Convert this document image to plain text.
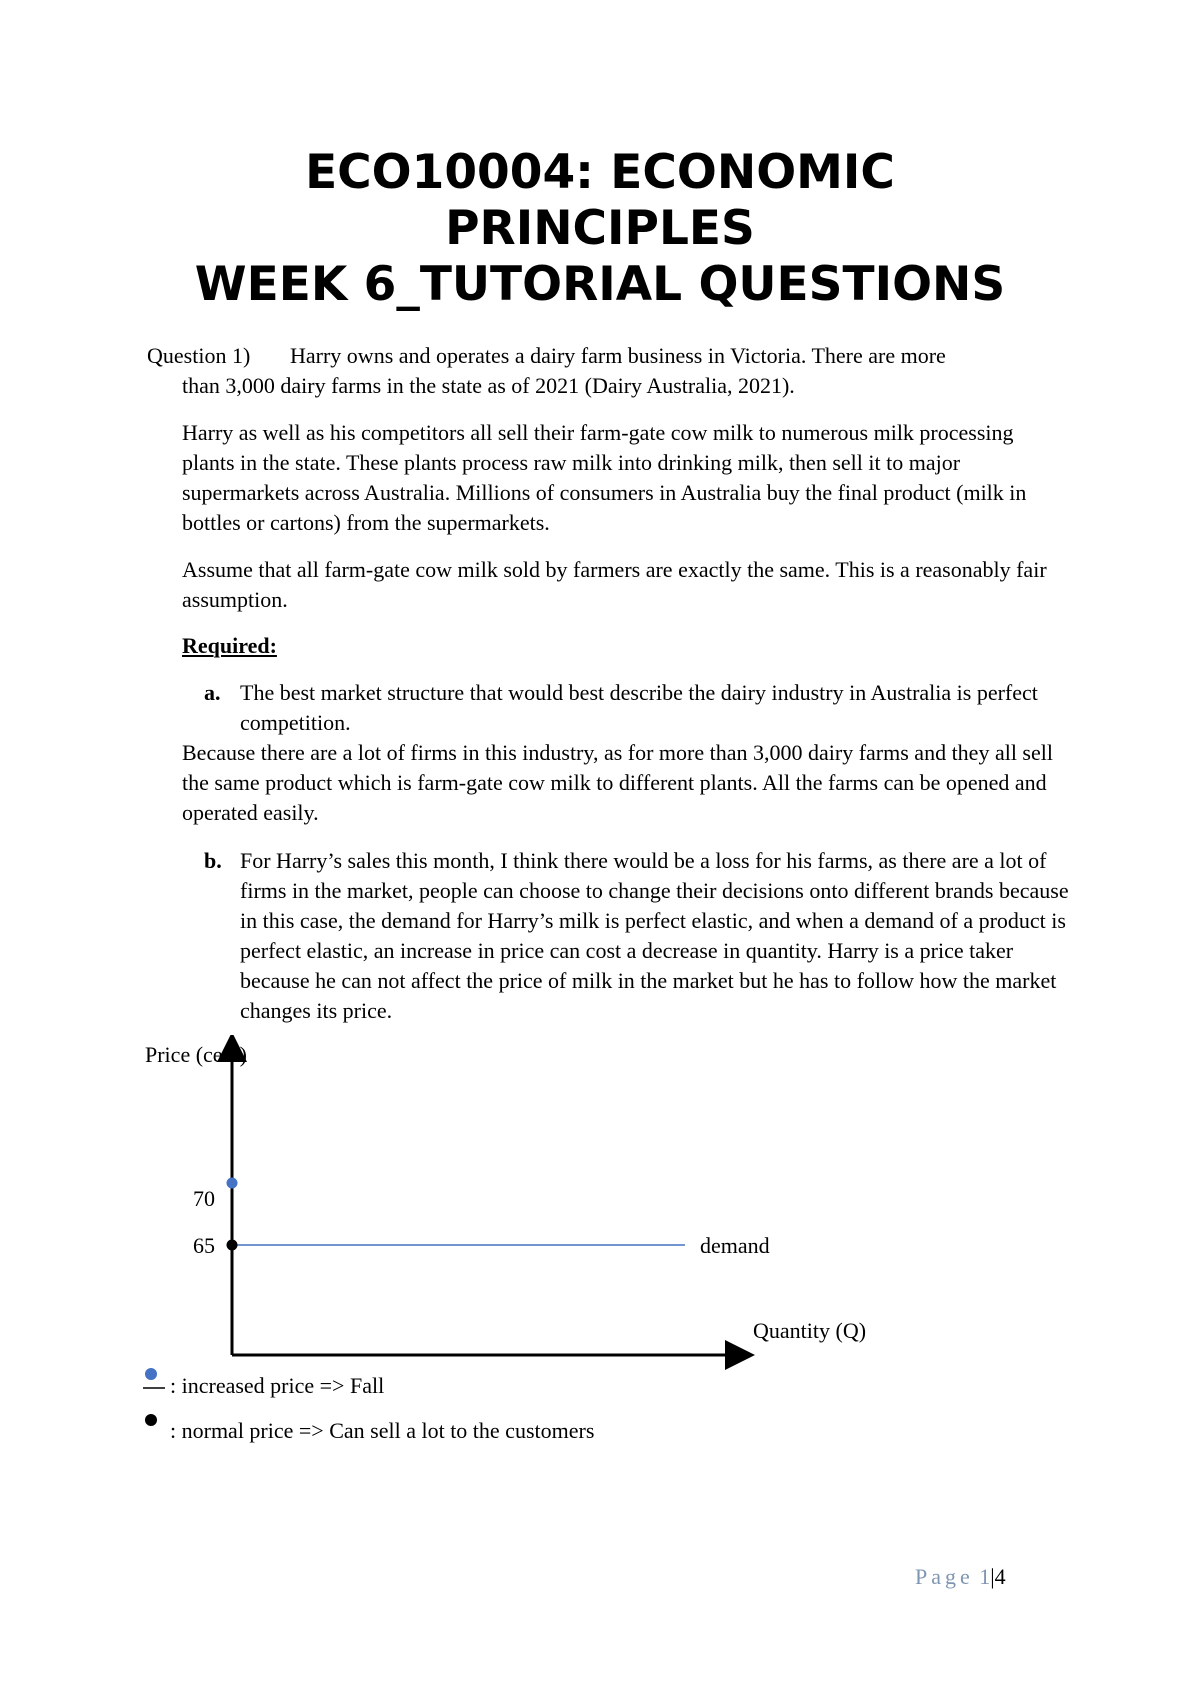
ECO10004: ECONOMIC
PRINCIPLES
WEEK 6_TUTORIAL QUESTIONS
Question 1) Harry owns and operates a dairy farm business in Victoria. There are more
than 3,000 dairy farms in the state as of 2021 (Dairy Australia, 2021).
Harry as well as his competitors all sell their farm-gate cow milk to numerous milk processing plants in the state. These plants process raw milk into drinking milk, then sell it to major supermarkets across Australia. Millions of consumers in Australia buy the final product (milk in bottles or cartons) from the supermarkets.
Assume that all farm-gate cow milk sold by farmers are exactly the same. This is a reasonably fair assumption.
Required:
a. The best market structure that would best describe the dairy industry in Australia is perfect competition.
Because there are a lot of firms in this industry, as for more than 3,000 dairy farms and they all sell the same product which is farm-gate cow milk to different plants. All the farms can be opened and operated easily.
b. For Harry’s sales this month, I think there would be a loss for his farms, as there are a lot of firms in the market, people can choose to change their decisions onto different brands because in this case, the demand for Harry’s milk is perfect elastic, and when a demand of a product is perfect elastic, an increase in price can cost a decrease in quantity. Harry is a price taker because he can not affect the price of milk in the market but he has to follow how the market changes its price.
Price (cent)
Quantity (Q)
70
65	demand
: increased price => Fall
: normal price => Can sell a lot to the customers
Page 1|4
